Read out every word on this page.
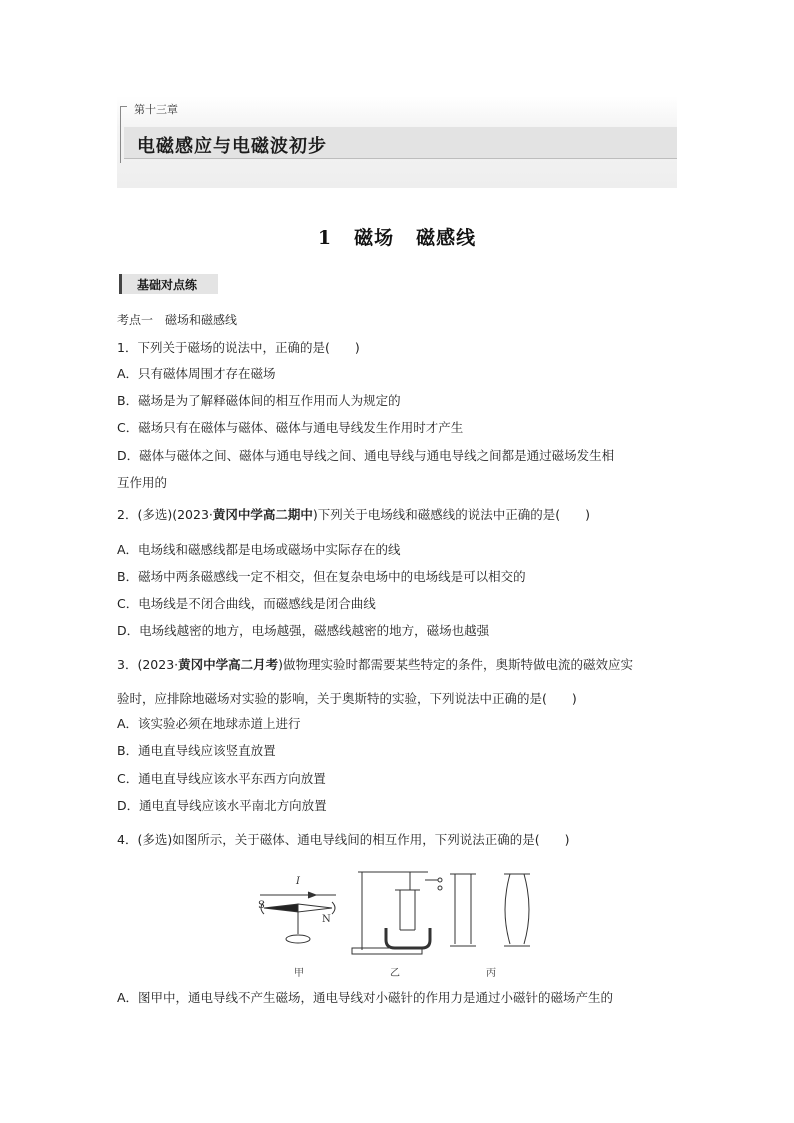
第十三章
电磁感应与电磁波初步
1 磁场 磁感线
基础对点练
考点一　磁场和磁感线
1．下列关于磁场的说法中，正确的是(　　)
A．只有磁体周围才存在磁场
B．磁场是为了解释磁体间的相互作用而人为规定的
C．磁场只有在磁体与磁体、磁体与通电导线发生作用时才产生
D．磁体与磁体之间、磁体与通电导线之间、通电导线与通电导线之间都是通过磁场发生相
互作用的
2．(多选)(2023·黄冈中学高二期中)下列关于电场线和磁感线的说法中正确的是(　　)
A．电场线和磁感线都是电场或磁场中实际存在的线
B．磁场中两条磁感线一定不相交，但在复杂电场中的电场线是可以相交的
C．电场线是不闭合曲线，而磁感线是闭合曲线
D．电场线越密的地方，电场越强，磁感线越密的地方，磁场也越强
3．(2023·黄冈中学高二月考)做物理实验时都需要某些特定的条件，奥斯特做电流的磁效应实
验时，应排除地磁场对实验的影响，关于奥斯特的实验，下列说法中正确的是(　　)
A．该实验必须在地球赤道上进行
B．通电直导线应该竖直放置
C．通电直导线应该水平东西方向放置
D．通电直导线应该水平南北方向放置
4．(多选)如图所示，关于磁体、通电导线间的相互作用，下列说法正确的是(　　)
I
S
N
甲	乙	丙
A．图甲中，通电导线不产生磁场，通电导线对小磁针的作用力是通过小磁针的磁场产生的
